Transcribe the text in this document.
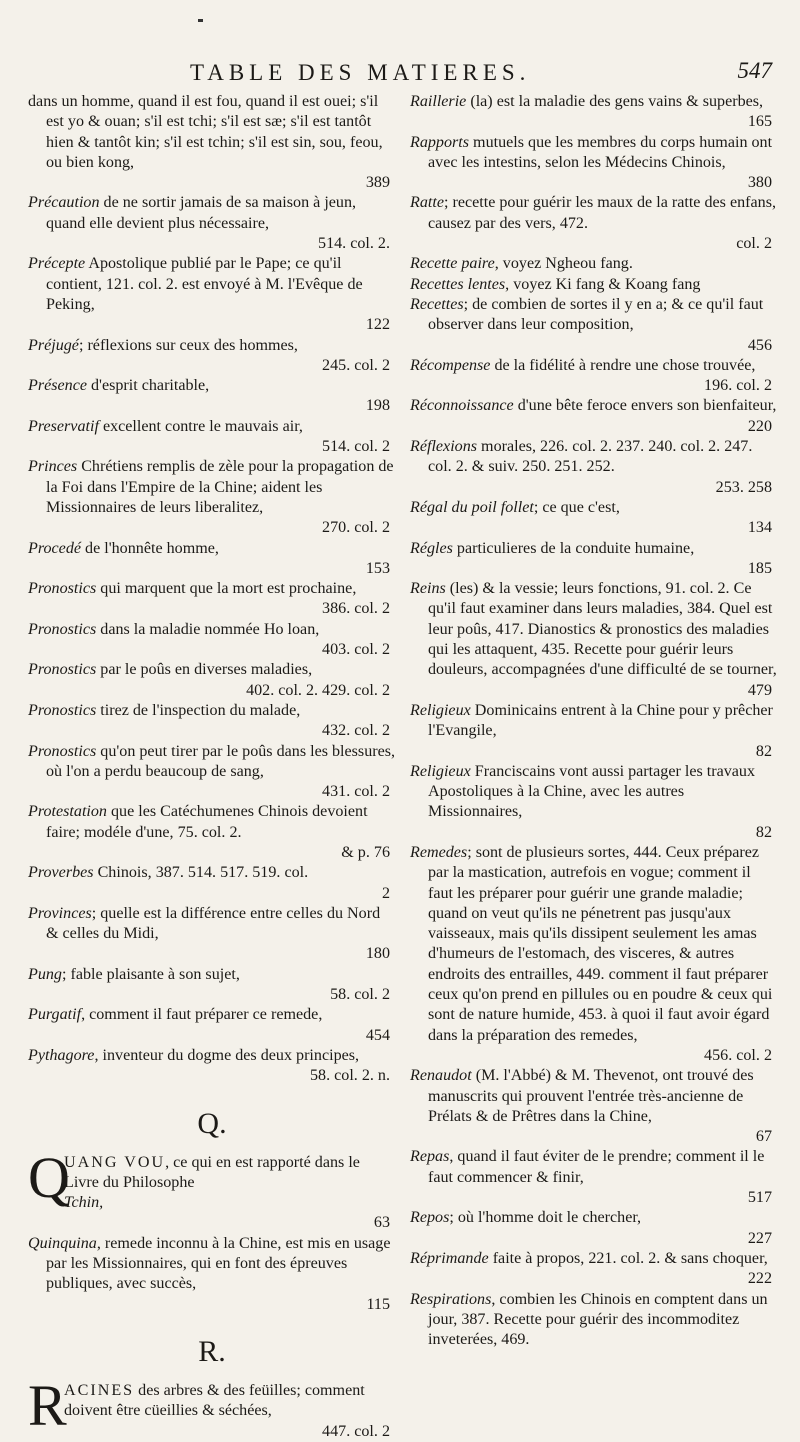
TABLE DES MATIERES.	547

dans un homme, quand il est fou, quand il est ouei; s'il est yo & ouan; s'il est tchi; s'il est sæ; s'il est tantôt hien & tantôt kin; s'il est tchin; s'il est sin, sou, feou, ou bien kong,
389

Précaution de ne sortir jamais de sa maison à jeun, quand elle devient plus nécessaire,
514. col. 2.

Précepte Apostolique publié par le Pape; ce qu'il contient, 121. col. 2. est envoyé à M. l'Evêque de Peking,
122

Préjugé; réflexions sur ceux des hommes,
245. col. 2

Présence d'esprit charitable,
198

Preservatif excellent contre le mauvais air,
514. col. 2

Princes Chrétiens remplis de zèle pour la propagation de la Foi dans l'Empire de la Chine; aident les Missionnaires de leurs liberalitez,
270. col. 2

Procedé de l'honnête homme,
153

Pronostics qui marquent que la mort est prochaine,
386. col. 2

Pronostics dans la maladie nommée Ho loan,
403. col. 2

Pronostics par le poûs en diverses maladies,
402. col. 2. 429. col. 2

Pronostics tirez de l'inspection du malade,
432. col. 2

Pronostics qu'on peut tirer par le poûs dans les blessures, où l'on a perdu beaucoup de sang,
431. col. 2

Protestation que les Catéchumenes Chinois devoient faire; modéle d'une, 75. col. 2.
& p. 76

Proverbes Chinois, 387. 514. 517. 519. col.
2

Provinces; quelle est la différence entre celles du Nord & celles du Midi,
180

Pung; fable plaisante à son sujet,
58. col. 2

Purgatif, comment il faut préparer ce remede,
454

Pythagore, inventeur du dogme des deux principes,
58. col. 2. n.

Q.

Q
UANG VOU, ce qui en est rapporté dans le Livre du Philosophe
Tchin,
63

Quinquina, remede inconnu à la Chine, est mis en usage par les Missionnaires, qui en font des épreuves publiques, avec succès,
115

R.

R
ACINES des arbres & des feüilles; comment doivent être cüeillies & séchées,
447. col. 2

Raillerie (la) est la maladie des gens vains & superbes,
165

Rapports mutuels que les membres du corps humain ont avec les intestins, selon les Médecins Chinois,
380

Ratte; recette pour guérir les maux de la ratte des enfans, causez par des vers, 472.
col. 2

Recette paire, voyez Ngheou fang.

Recettes lentes, voyez Ki fang & Koang fang

Recettes; de combien de sortes il y en a; & ce qu'il faut observer dans leur composition,
456

Récompense de la fidélité à rendre une chose trouvée,
196. col. 2

Réconnoissance d'une bête feroce envers son bienfaiteur,
220

Réflexions morales, 226. col. 2. 237. 240. col. 2. 247. col. 2. & suiv. 250. 251. 252.
253. 258

Régal du poil follet; ce que c'est,
134

Régles particulieres de la conduite humaine,
185

Reins (les) & la vessie; leurs fonctions, 91. col. 2. Ce qu'il faut examiner dans leurs maladies, 384. Quel est leur poûs, 417. Dianostics & pronostics des maladies qui les attaquent, 435. Recette pour guérir leurs douleurs, accompagnées d'une difficulté de se tourner,
479

Religieux Dominicains entrent à la Chine pour y prêcher l'Evangile,
82

Religieux Franciscains vont aussi partager les travaux Apostoliques à la Chine, avec les autres Missionnaires,
82

Remedes; sont de plusieurs sortes, 444. Ceux préparez par la mastication, autrefois en vogue; comment il faut les préparer pour guérir une grande maladie; quand on veut qu'ils ne pénetrent pas jusqu'aux vaisseaux, mais qu'ils dissipent seulement les amas d'humeurs de l'estomach, des visceres, & autres endroits des entrailles, 449. comment il faut préparer ceux qu'on prend en pillules ou en poudre & ceux qui sont de nature humide, 453. à quoi il faut avoir égard dans la préparation des remedes,
456. col. 2

Renaudot (M. l'Abbé) & M. Thevenot, ont trouvé des manuscrits qui prouvent l'entrée très-ancienne de Prélats & de Prêtres dans la Chine,
67

Repas, quand il faut éviter de le prendre; comment il le faut commencer & finir,
517

Repos; où l'homme doit le chercher,
227

Réprimande faite à propos, 221. col. 2. & sans choquer,
222

Respirations, combien les Chinois en comptent dans un jour, 387. Recette pour guérir des incommoditez inveterées, 469.
